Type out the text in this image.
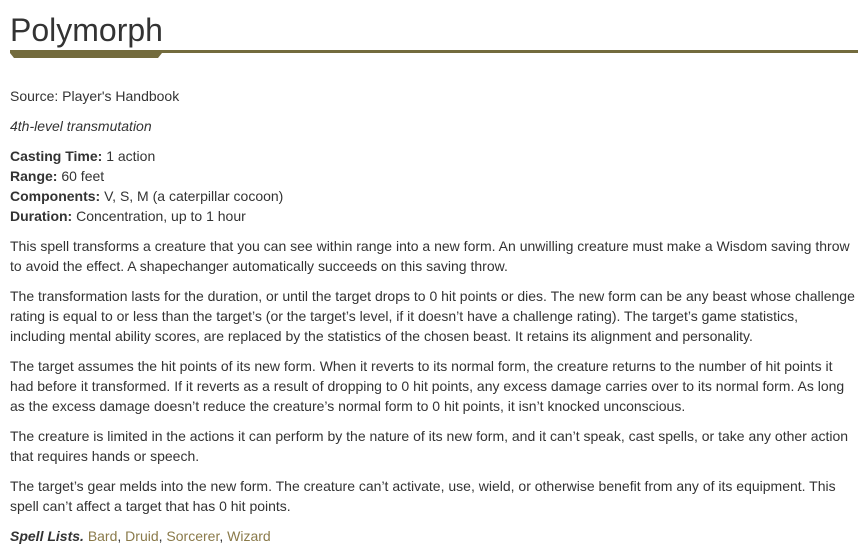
Polymorph

Source: Player's Handbook

4th-level transmutation

Casting Time: 1 action
Range: 60 feet
Components: V, S, M (a caterpillar cocoon)
Duration: Concentration, up to 1 hour

This spell transforms a creature that you can see within range into a new form. An unwilling creature must make a Wisdom saving throw to avoid the effect. A shapechanger automatically succeeds on this saving throw.

The transformation lasts for the duration, or until the target drops to 0 hit points or dies. The new form can be any beast whose challenge rating is equal to or less than the target’s (or the target’s level, if it doesn’t have a challenge rating). The target’s game statistics, including mental ability scores, are replaced by the statistics of the chosen beast. It retains its alignment and personality.

The target assumes the hit points of its new form. When it reverts to its normal form, the creature returns to the number of hit points it had before it transformed. If it reverts as a result of dropping to 0 hit points, any excess damage carries over to its normal form. As long as the excess damage doesn’t reduce the creature’s normal form to 0 hit points, it isn’t knocked unconscious.

The creature is limited in the actions it can perform by the nature of its new form, and it can’t speak, cast spells, or take any other action that requires hands or speech.

The target’s gear melds into the new form. The creature can’t activate, use, wield, or otherwise benefit from any of its equipment. This spell can’t affect a target that has 0 hit points.

Spell Lists. Bard, Druid, Sorcerer, Wizard
